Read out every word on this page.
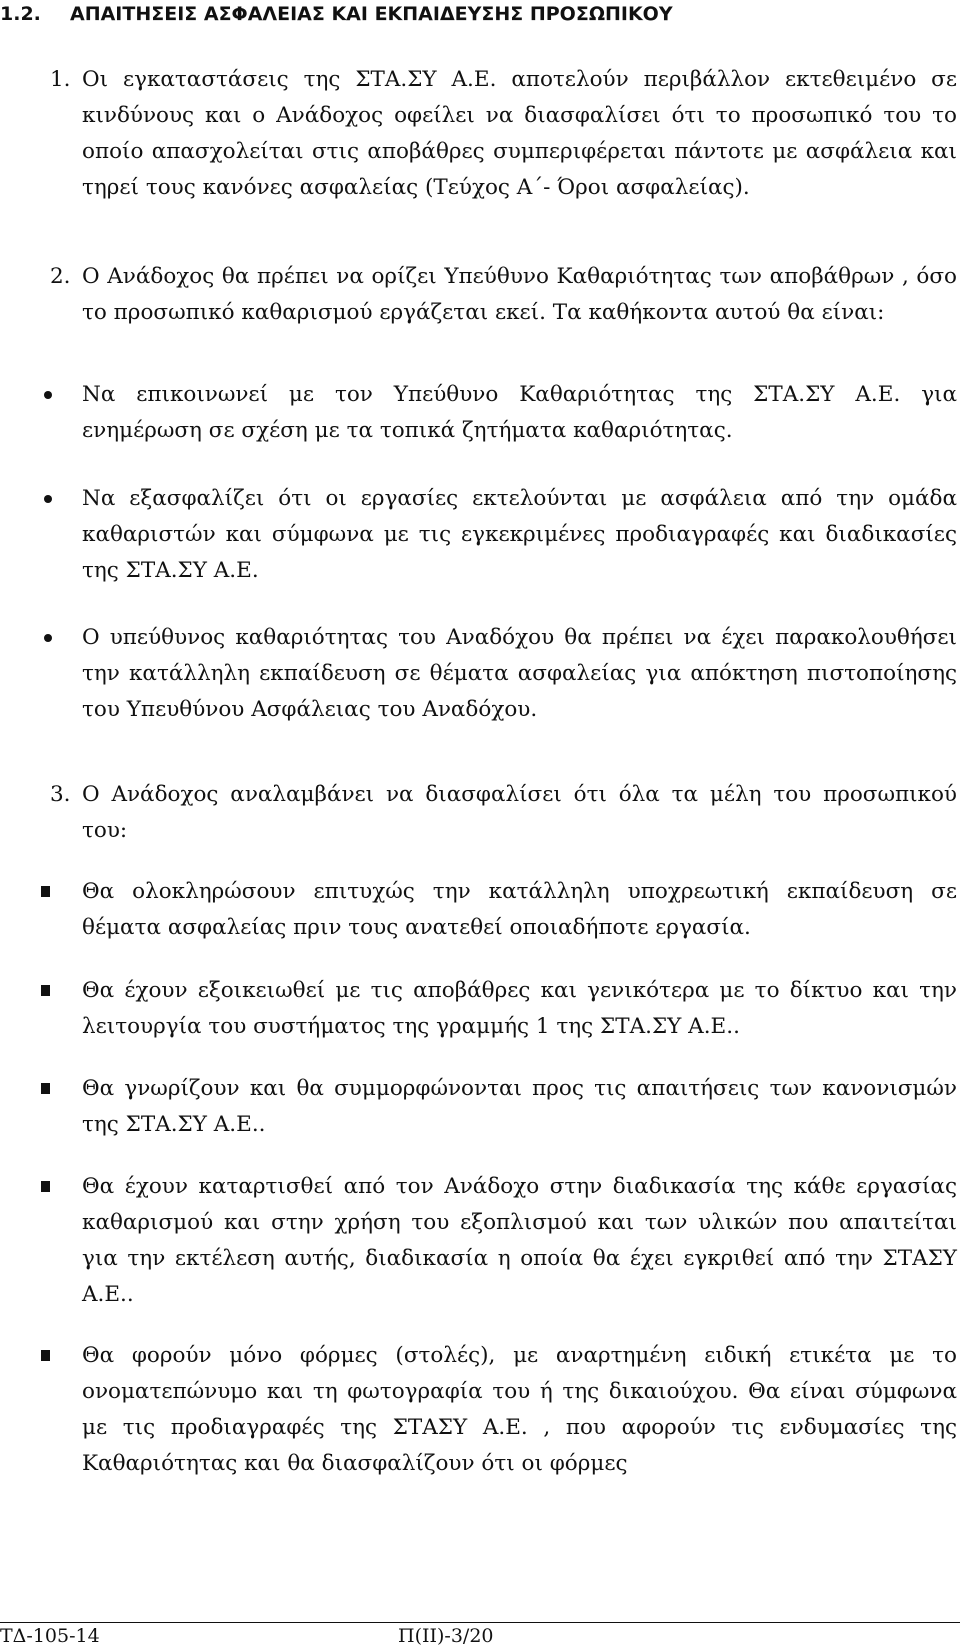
1.2. ΑΠΑΙΤΗΣΕΙΣ ΑΣΦΑΛΕΙΑΣ ΚΑΙ ΕΚΠΑΙΔΕΥΣΗΣ ΠΡΟΣΩΠΙΚΟΥ
1. Οι εγκαταστάσεις της ΣΤΑ.ΣΥ Α.Ε. αποτελούν περιβάλλον εκτεθειμένο σε κινδύνους και ο Ανάδοχος οφείλει να διασφαλίσει ότι το προσωπικό του το οποίο απασχολείται στις αποβάθρες συμπεριφέρεται πάντοτε με ασφάλεια και τηρεί τους κανόνες ασφαλείας (Τεύχος Α΄- Όροι ασφαλείας).
2. Ο Ανάδοχος θα πρέπει να ορίζει Υπεύθυνο Καθαριότητας των αποβάθρων , όσο το προσωπικό καθαρισμού εργάζεται εκεί. Τα καθήκοντα αυτού θα είναι:
Να επικοινωνεί με τον Υπεύθυνο Καθαριότητας της ΣΤΑ.ΣΥ Α.Ε. για ενημέρωση σε σχέση με τα τοπικά ζητήματα καθαριότητας.
Να εξασφαλίζει ότι οι εργασίες εκτελούνται με ασφάλεια από την ομάδα καθαριστών και σύμφωνα με τις εγκεκριμένες προδιαγραφές και διαδικασίες της ΣΤΑ.ΣΥ Α.Ε.
Ο υπεύθυνος καθαριότητας του Αναδόχου θα πρέπει να έχει παρακολουθήσει την κατάλληλη εκπαίδευση σε θέματα ασφαλείας για απόκτηση πιστοποίησης του Υπευθύνου Ασφάλειας του Αναδόχου.
3. Ο Ανάδοχος αναλαμβάνει να διασφαλίσει ότι όλα τα μέλη του προσωπικού του:
Θα ολοκληρώσουν επιτυχώς την κατάλληλη υποχρεωτική εκπαίδευση σε θέματα ασφαλείας πριν τους ανατεθεί οποιαδήποτε εργασία.
Θα έχουν εξοικειωθεί με τις αποβάθρες και γενικότερα με το δίκτυο και την λειτουργία του συστήματος της γραμμής 1 της ΣΤΑ.ΣΥ Α.Ε..
Θα γνωρίζουν και θα συμμορφώνονται προς τις απαιτήσεις των κανονισμών της ΣΤΑ.ΣΥ Α.Ε..
Θα έχουν καταρτισθεί από τον Ανάδοχο στην διαδικασία της κάθε εργασίας καθαρισμού και στην χρήση του εξοπλισμού και των υλικών που απαιτείται για την εκτέλεση αυτής, διαδικασία η οποία θα έχει εγκριθεί από την ΣΤΑΣΥ Α.Ε..
Θα φορούν μόνο φόρμες (στολές), με αναρτημένη ειδική ετικέτα με το ονοματεπώνυμο και τη φωτογραφία του ή της δικαιούχου. Θα είναι σύμφωνα με τις προδιαγραφές της ΣΤΑΣΥ Α.Ε. , που αφορούν τις ενδυμασίες της Καθαριότητας και θα διασφαλίζουν ότι οι φόρμες
ΤΔ-105-14	Π(ΙΙ)-3/20
